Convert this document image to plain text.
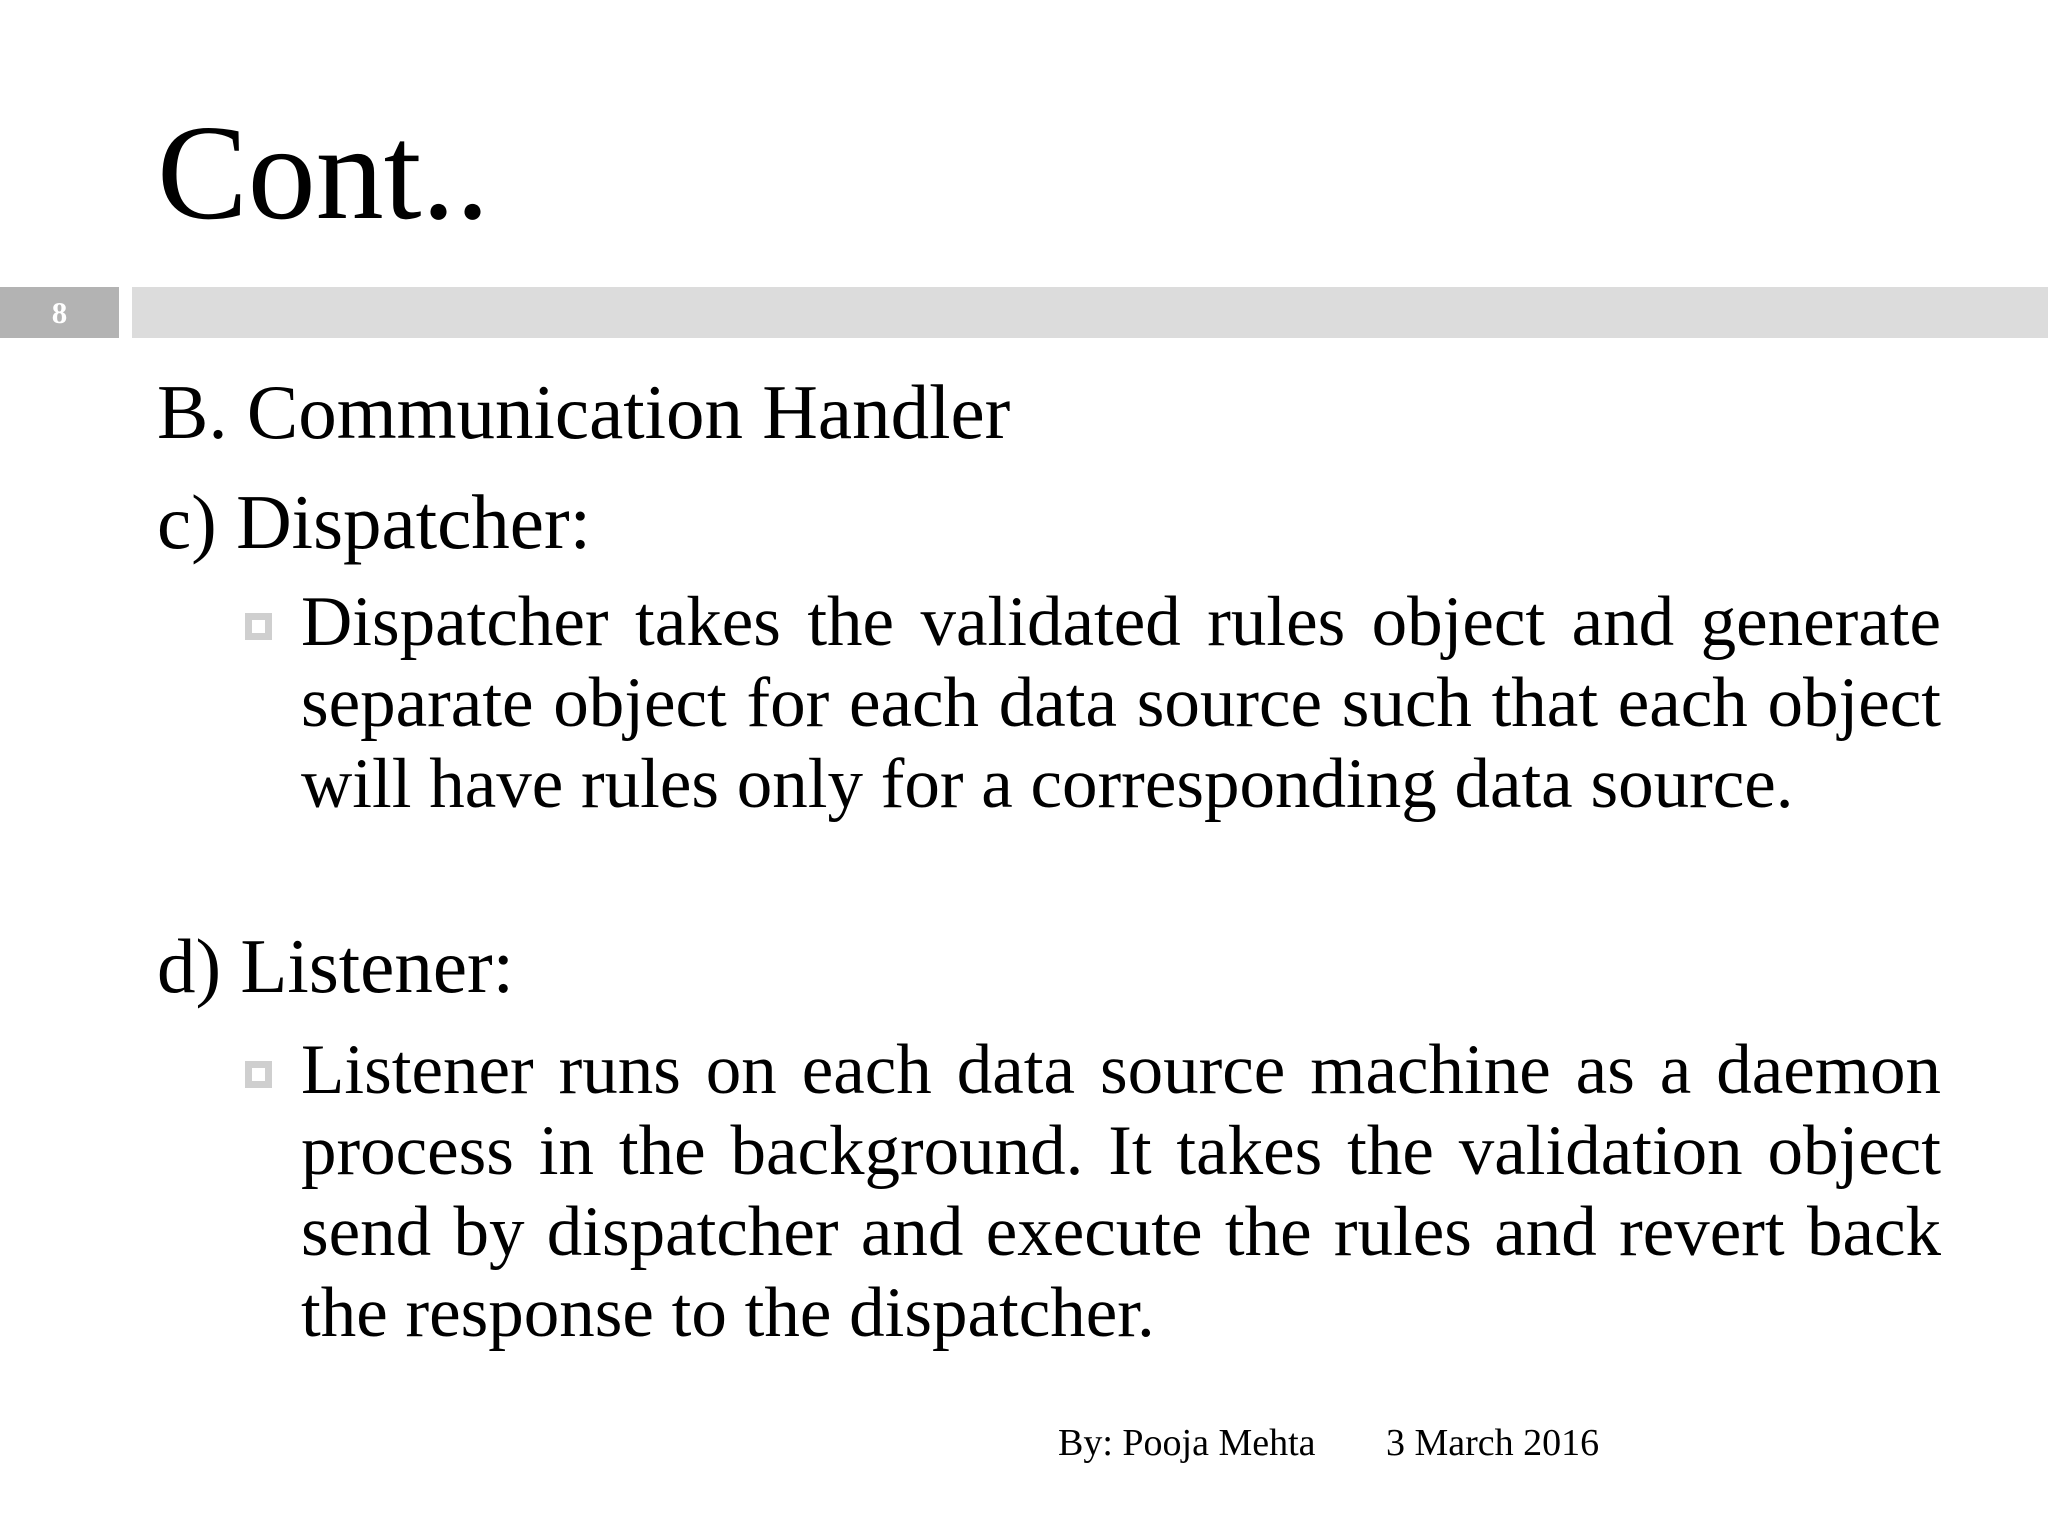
Cont..
8
B. Communication Handler
c) Dispatcher:
Dispatcher takes the validated rules object and generate separate object for each data source such that each object will have rules only for a corresponding data source.
d) Listener:
Listener runs on each data source machine as a daemon process in the background. It takes the validation object send by dispatcher and execute the rules and revert back the response to the dispatcher.
By: Pooja Mehta 3 March 2016
